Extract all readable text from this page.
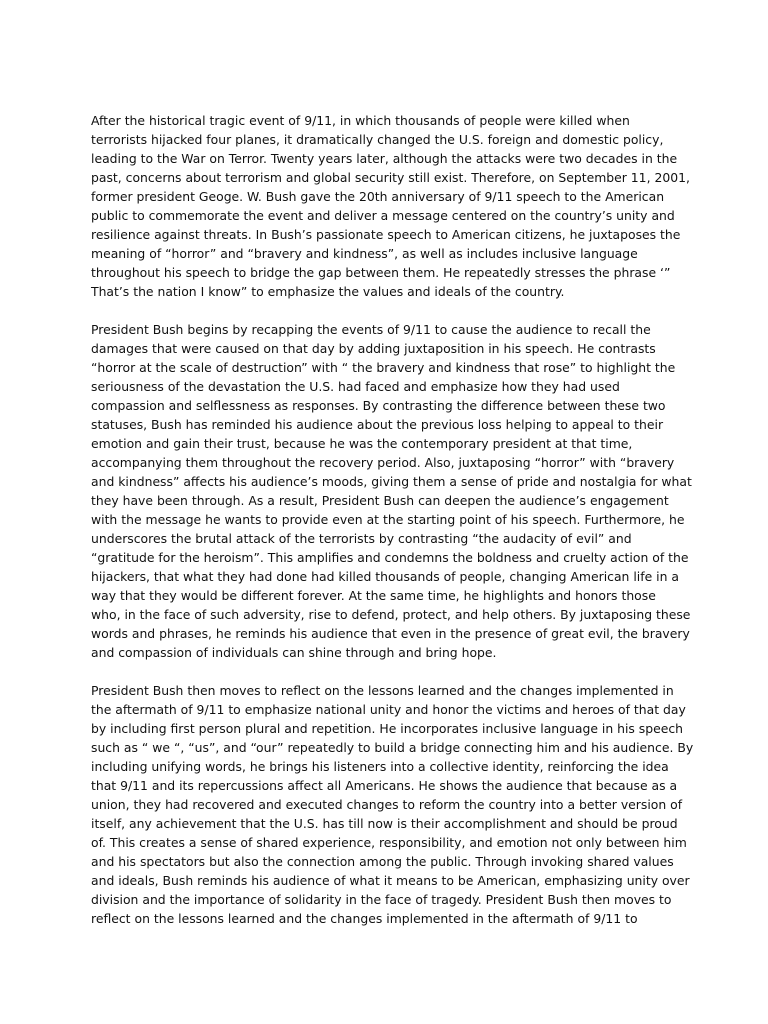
After the historical tragic event of 9/11, in which thousands of people were killed when
terrorists hijacked four planes, it dramatically changed the U.S. foreign and domestic policy,
leading to the War on Terror. Twenty years later, although the attacks were two decades in the
past, concerns about terrorism and global security still exist. Therefore, on September 11, 2001,
former president Geoge. W. Bush gave the 20th anniversary of 9/11 speech to the American
public to commemorate the event and deliver a message centered on the country’s unity and
resilience against threats. In Bush’s passionate speech to American citizens, he juxtaposes the
meaning of “horror” and “bravery and kindness”, as well as includes inclusive language
throughout his speech to bridge the gap between them. He repeatedly stresses the phrase ‘”
That’s the nation I know” to emphasize the values and ideals of the country.

President Bush begins by recapping the events of 9/11 to cause the audience to recall the
damages that were caused on that day by adding juxtaposition in his speech. He contrasts
“horror at the scale of destruction” with “ the bravery and kindness that rose” to highlight the
seriousness of the devastation the U.S. had faced and emphasize how they had used
compassion and selflessness as responses. By contrasting the difference between these two
statuses, Bush has reminded his audience about the previous loss helping to appeal to their
emotion and gain their trust, because he was the contemporary president at that time,
accompanying them throughout the recovery period. Also, juxtaposing “horror” with “bravery
and kindness” affects his audience’s moods, giving them a sense of pride and nostalgia for what
they have been through. As a result, President Bush can deepen the audience’s engagement
with the message he wants to provide even at the starting point of his speech. Furthermore, he
underscores the brutal attack of the terrorists by contrasting “the audacity of evil” and
“gratitude for the heroism”. This amplifies and condemns the boldness and cruelty action of the
hijackers, that what they had done had killed thousands of people, changing American life in a
way that they would be different forever. At the same time, he highlights and honors those
who, in the face of such adversity, rise to defend, protect, and help others. By juxtaposing these
words and phrases, he reminds his audience that even in the presence of great evil, the bravery
and compassion of individuals can shine through and bring hope.

President Bush then moves to reflect on the lessons learned and the changes implemented in
the aftermath of 9/11 to emphasize national unity and honor the victims and heroes of that day
by including first person plural and repetition. He incorporates inclusive language in his speech
such as “ we “, “us”, and “our” repeatedly to build a bridge connecting him and his audience. By
including unifying words, he brings his listeners into a collective identity, reinforcing the idea
that 9/11 and its repercussions affect all Americans. He shows the audience that because as a
union, they had recovered and executed changes to reform the country into a better version of
itself, any achievement that the U.S. has till now is their accomplishment and should be proud
of. This creates a sense of shared experience, responsibility, and emotion not only between him
and his spectators but also the connection among the public. Through invoking shared values
and ideals, Bush reminds his audience of what it means to be American, emphasizing unity over
division and the importance of solidarity in the face of tragedy. President Bush then moves to
reflect on the lessons learned and the changes implemented in the aftermath of 9/11 to
